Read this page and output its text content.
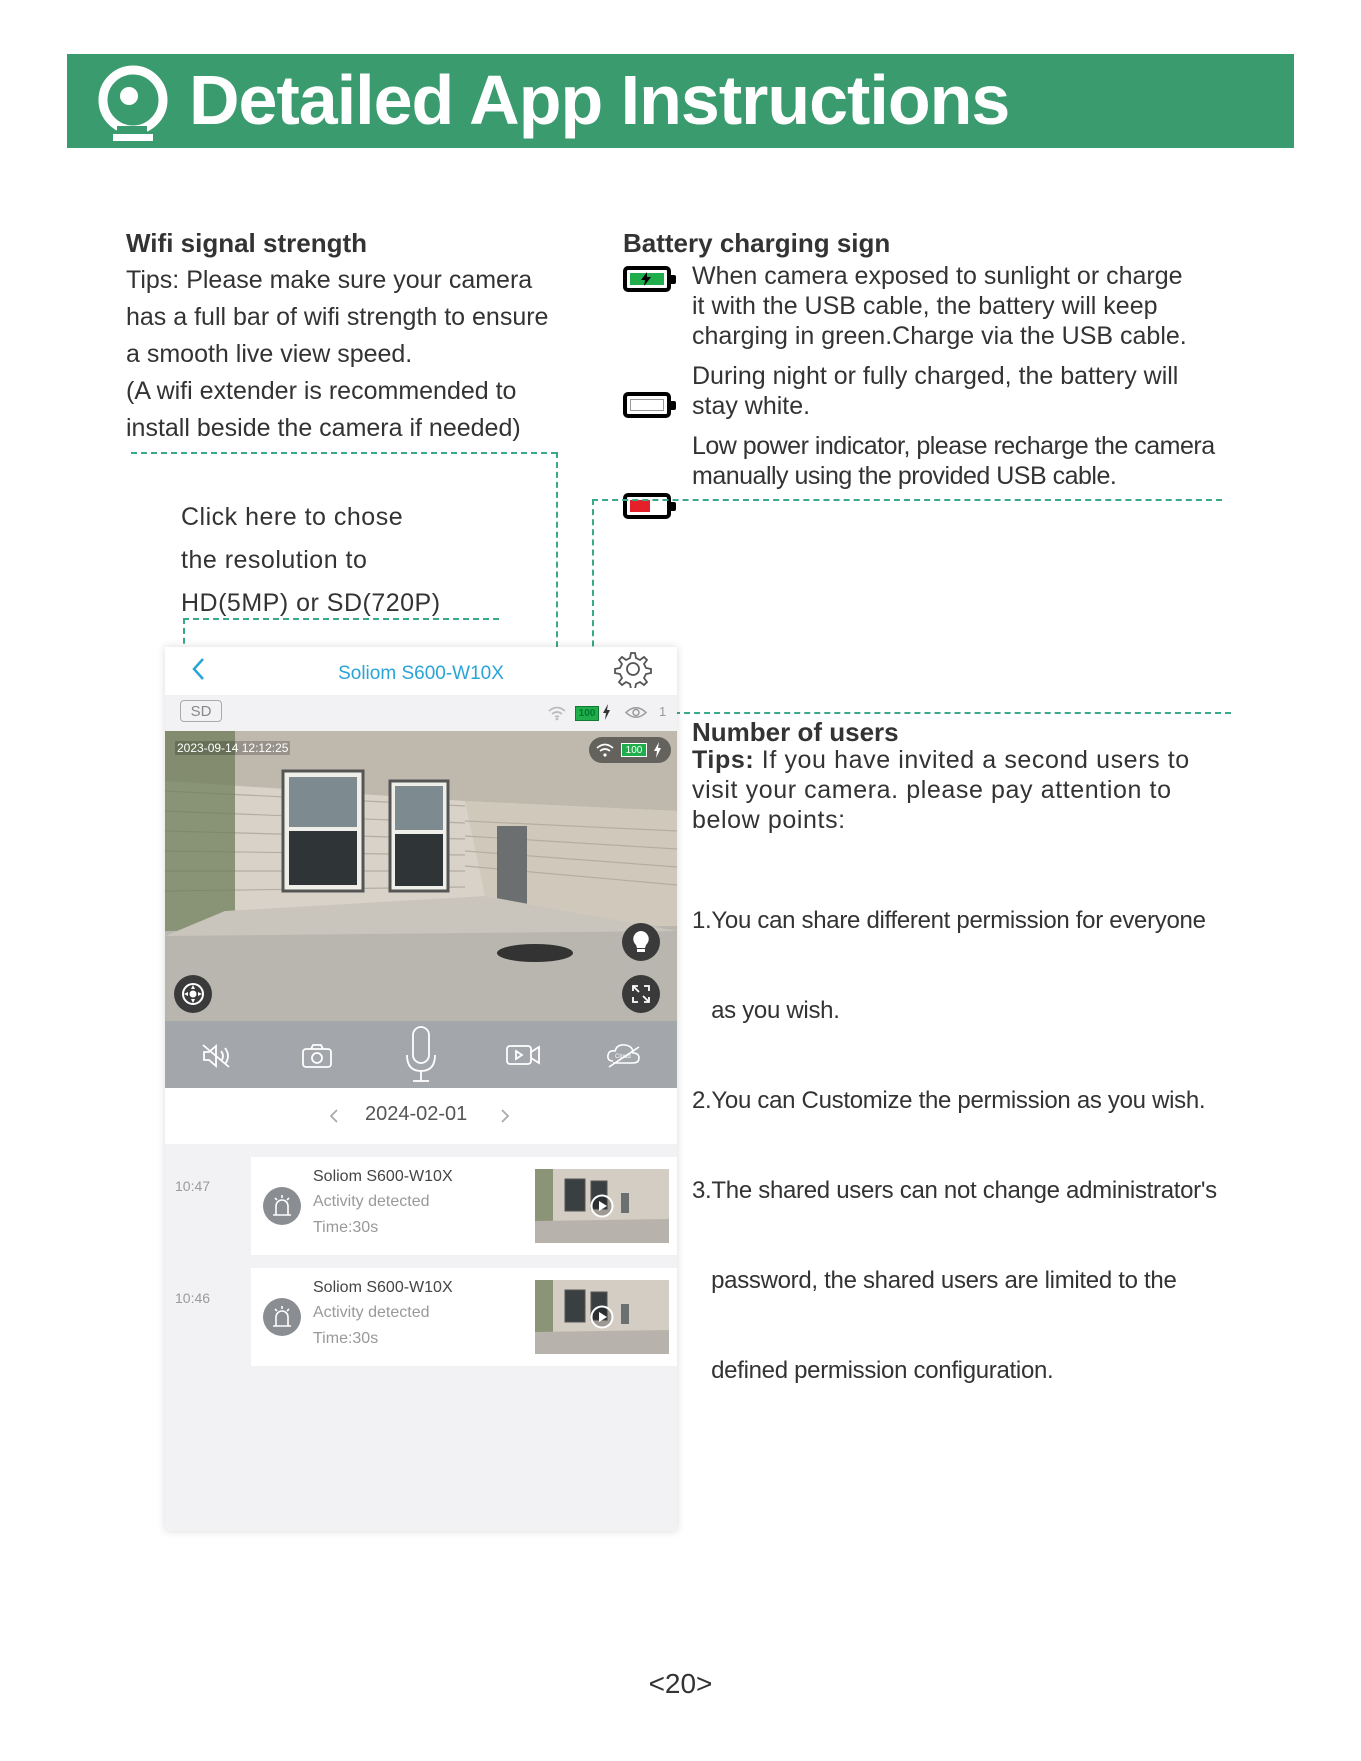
Detailed App Instructions
Wifi signal strength
Tips: Please make sure your camera
has a full bar of wifi strength to ensure
a smooth live view speed.
(A wifi extender is recommended to
install beside the camera if needed)
Battery charging sign
When camera exposed to sunlight or charge
it with the USB cable, the battery will keep
charging in green.Charge via the USB cable.
During night or fully charged, the battery will
stay white.
Low power indicator, please recharge the camera
manually using the provided USB cable.
Click here to chose
the resolution to
HD(5MP) or SD(720P)
Soliom S600-W10X
SD	100	1
2023-09-14 12:12:25	100
Cloud
2024-02-01
10:47
Soliom S600-W10X
Activity detected
Time:30s
10:46
Soliom S600-W10X
Activity detected
Time:30s
Number of users
Tips: If you have invited a second users to
visit your camera. please pay attention to
below points:

1.You can share different permission for everyone

as you wish.

2.You can Customize the permission as you wish.

3.The shared users can not change administrator's

password, the shared users are limited to the

defined permission configuration.

<20>
